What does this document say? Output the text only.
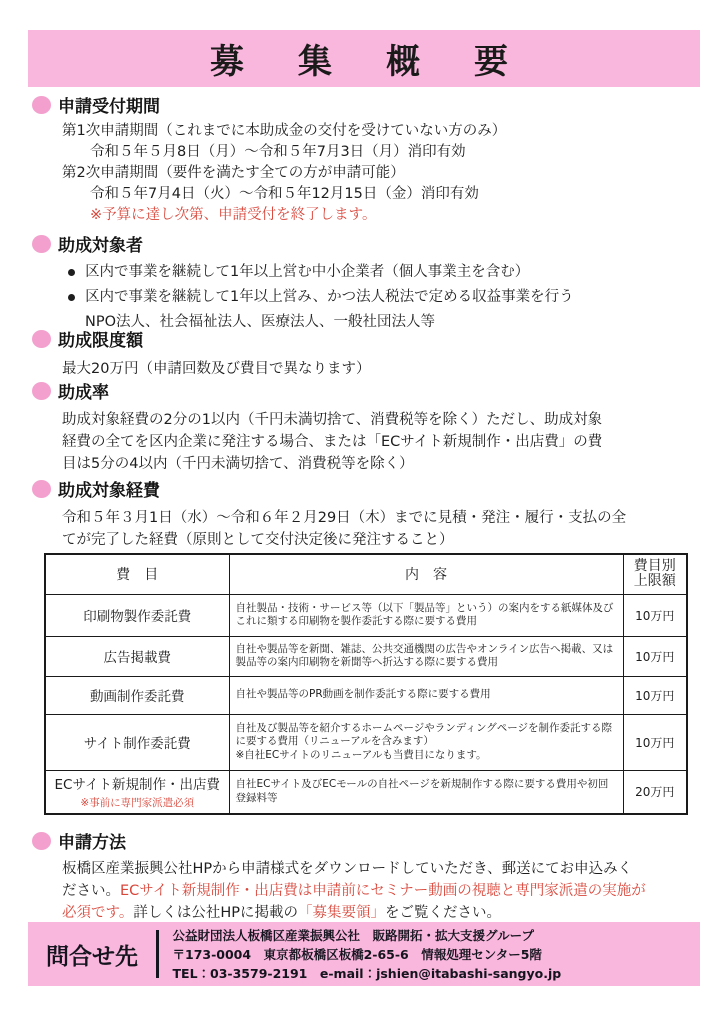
募　集　概　要
申請受付期間
第1次申請期間（これまでに本助成金の交付を受けていない方のみ）
令和５年５月8日（月）～令和５年7月3日（月）消印有効
第2次申請期間（要件を満たす全ての方が申請可能）
令和５年7月4日（火）～令和５年12月15日（金）消印有効
※予算に達し次第、申請受付を終了します。
助成対象者
区内で事業を継続して1年以上営む中小企業者（個人事業主を含む）
区内で事業を継続して1年以上営み、かつ法人税法で定める収益事業を行う
NPO法人、社会福祉法人、医療法人、一般社団法人等
助成限度額
最大20万円（申請回数及び費目で異なります）
助成率
助成対象経費の2分の1以内（千円未満切捨て、消費税等を除く）ただし、助成対象
経費の全てを区内企業に発注する場合、または「ECサイト新規制作・出店費」の費
目は5分の4以内（千円未満切捨て、消費税等を除く）
助成対象経費
令和５年３月1日（水）～令和６年２月29日（木）までに見積・発注・履行・支払の全
てが完了した経費（原則として交付決定後に発注すること）
費　目	内　容	費目別
上限額

印刷物製作委託費	自社製品・技術・サービス等（以下「製品等」という）の案内をする紙媒体及びこれに類する印刷物を製作委託する際に要する費用	10万円
広告掲載費	自社や製品等を新聞、雑誌、公共交通機関の広告やオンライン広告へ掲載、又は製品等の案内印刷物を新聞等へ折込する際に要する費用	10万円
動画制作委託費	自社や製品等のPR動画を制作委託する際に要する費用	10万円
サイト制作委託費	自社及び製品等を紹介するホームページやランディングページを制作委託する際に要する費用（リニューアルを含みます）
※自社ECサイトのリニューアルも当費目になります。	10万円

ECサイト新規制作・出店費
※事前に専門家派遣必須	自社ECサイト及びECモールの自社ページを新規制作する際に要する費用や初回登録料等	20万円
申請方法
板橋区産業振興公社HPから申請様式をダウンロードしていただき、郵送にてお申込みく
ださい。ECサイト新規制作・出店費は申請前にセミナー動画の視聴と専門家派遣の実施が
必須です。詳しくは公社HPに掲載の「募集要領」をご覧ください。
問合せ先
公益財団法人板橋区産業振興公社　販路開拓・拡大支援グループ
〒173-0004　東京都板橋区板橋2-65-6　情報処理センター5階
TEL：03-3579-2191　e-mail：jshien@itabashi-sangyo.jp
